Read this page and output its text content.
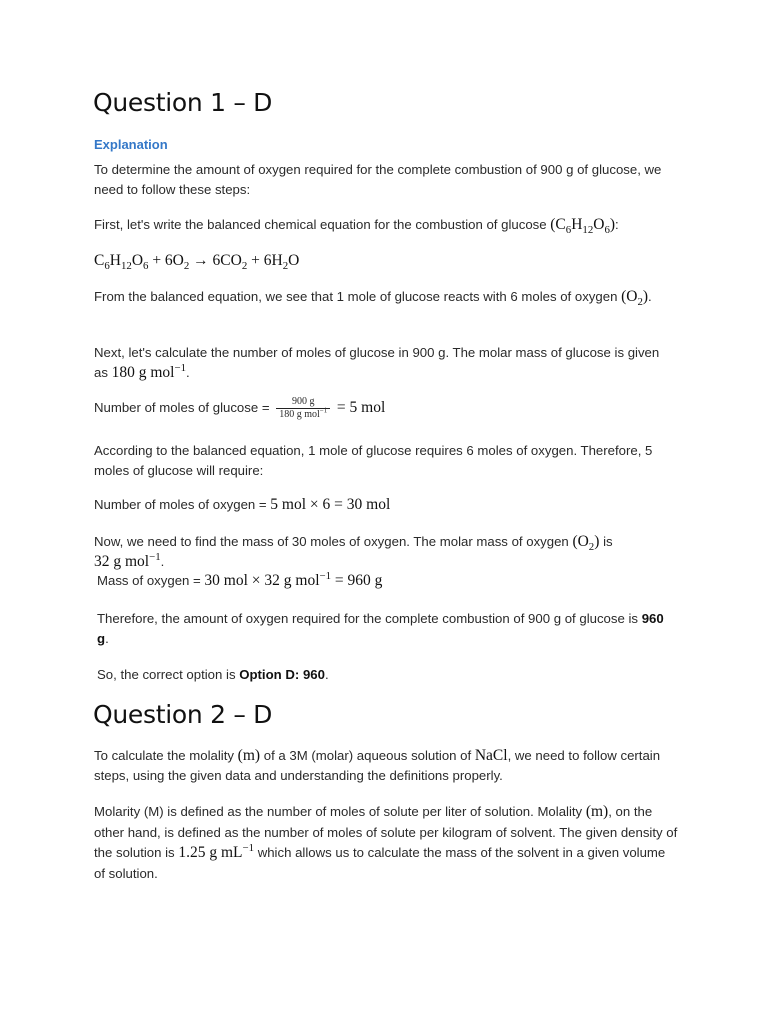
Question 1 – D

Explanation

To determine the amount of oxygen required for the complete combustion of 900 g of glucose, we need to follow these steps:

First, let's write the balanced chemical equation for the combustion of glucose $(C_6H_{12}O_6)$:

$C_6H_{12}O_6 + 6O_2 \to 6CO_2 + 6H_2O$

From the balanced equation, we see that 1 mole of glucose reacts with 6 moles of oxygen $(O_2)$.

Next, let's calculate the number of moles of glucose in 900 g. The molar mass of glucose is given as 180 g mol$^{-1}$.

Number of moles of $glucose = \frac{900 g}{180 g mol^{-1}} = 5$ mol

According to the balanced equation, 1 mole of glucose requires 6 moles of oxygen. Therefore, 5 moles of glucose will require:

Number of moles of oxygen = 5 mol × 6 = 30 mol

Now, we need to find the mass of 30 moles of oxygen. The molar mass of oxygen $(O_2)$ is 32 g mol$^{-1}$.

Mass of oxygen = 30 mol × 32 g mol$^{-1}$ = 960 g

Therefore, the amount of oxygen required for the complete combustion of 900 g of glucose is 960 g.

So, the correct option is Option D: 960.

Question 2 – D

To calculate the molality (m) of a 3M (molar) aqueous solution of NaCl, we need to follow certain steps, using the given data and understanding the definitions properly.

Molarity (M) is defined as the number of moles of solute per liter of solution. Molality (m), on the other hand, is defined as the number of moles of solute per kilogram of solvent. The given density of the solution is 1.25 g $mL^{-1}$ which allows us to calculate the mass of the solvent in a given volume of solution.
